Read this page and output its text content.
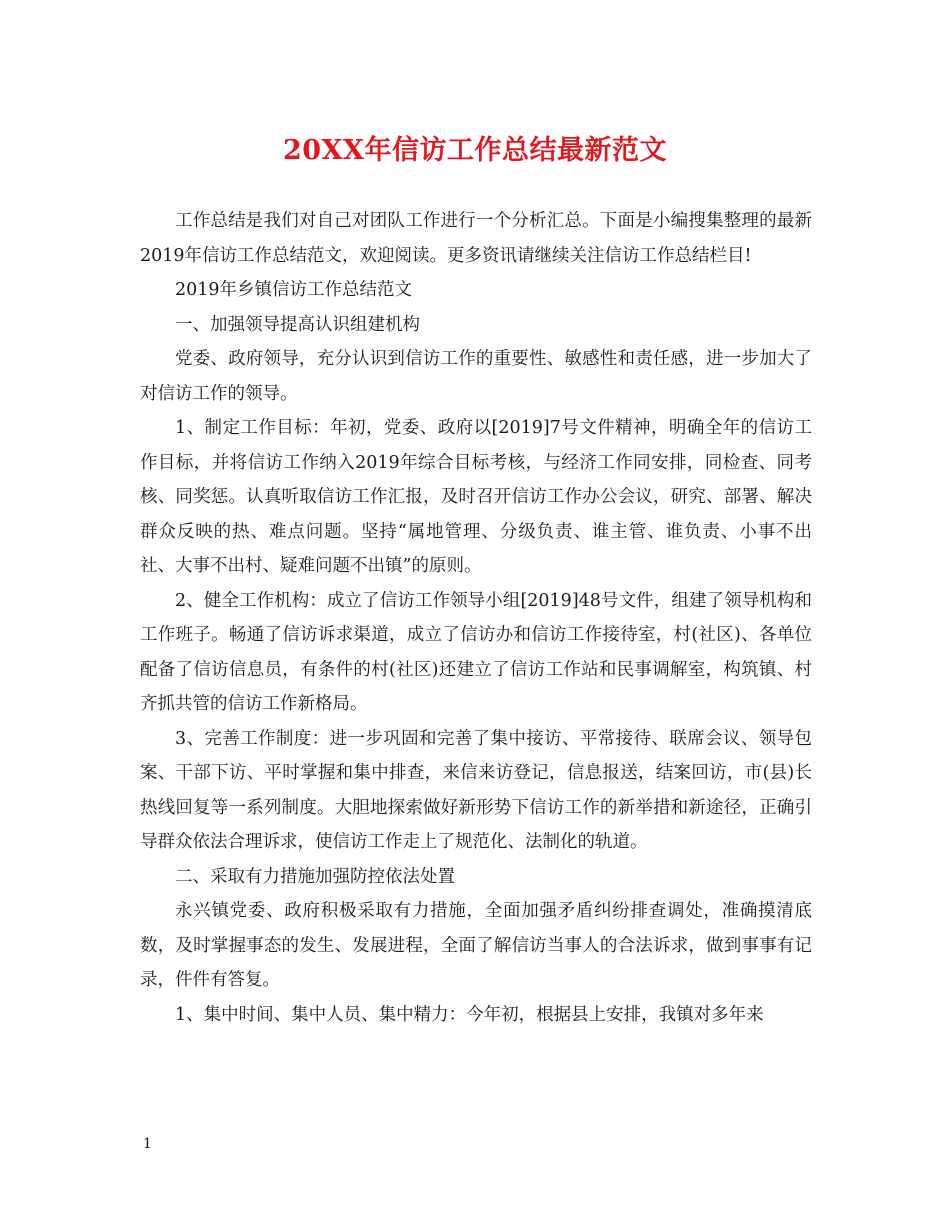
20XX年信访工作总结最新范文

工作总结是我们对自己对团队工作进行一个分析汇总。下面是小编搜集整理的最新2019年信访工作总结范文，欢迎阅读。更多资讯请继续关注信访工作总结栏目!

2019年乡镇信访工作总结范文

一、加强领导提高认识组建机构

党委、政府领导，充分认识到信访工作的重要性、敏感性和责任感，进一步加大了对信访工作的领导。

1、制定工作目标：年初，党委、政府以[2019]7号文件精神，明确全年的信访工作目标，并将信访工作纳入2019年综合目标考核，与经济工作同安排，同检查、同考核、同奖惩。认真听取信访工作汇报，及时召开信访工作办公会议，研究、部署、解决群众反映的热、难点问题。坚持“属地管理、分级负责、谁主管、谁负责、小事不出社、大事不出村、疑难问题不出镇”的原则。

2、健全工作机构：成立了信访工作领导小组[2019]48号文件，组建了领导机构和工作班子。畅通了信访诉求渠道，成立了信访办和信访工作接待室，村(社区)、各单位配备了信访信息员，有条件的村(社区)还建立了信访工作站和民事调解室，构筑镇、村齐抓共管的信访工作新格局。

3、完善工作制度：进一步巩固和完善了集中接访、平常接待、联席会议、领导包案、干部下访、平时掌握和集中排查，来信来访登记，信息报送，结案回访，市(县)长热线回复等一系列制度。大胆地探索做好新形势下信访工作的新举措和新途径，正确引导群众依法合理诉求，使信访工作走上了规范化、法制化的轨道。

二、采取有力措施加强防控依法处置

永兴镇党委、政府积极采取有力措施，全面加强矛盾纠纷排查调处，准确摸清底数，及时掌握事态的发生、发展进程，全面了解信访当事人的合法诉求，做到事事有记录，件件有答复。

1、集中时间、集中人员、集中精力：今年初，根据县上安排，我镇对多年来

1
